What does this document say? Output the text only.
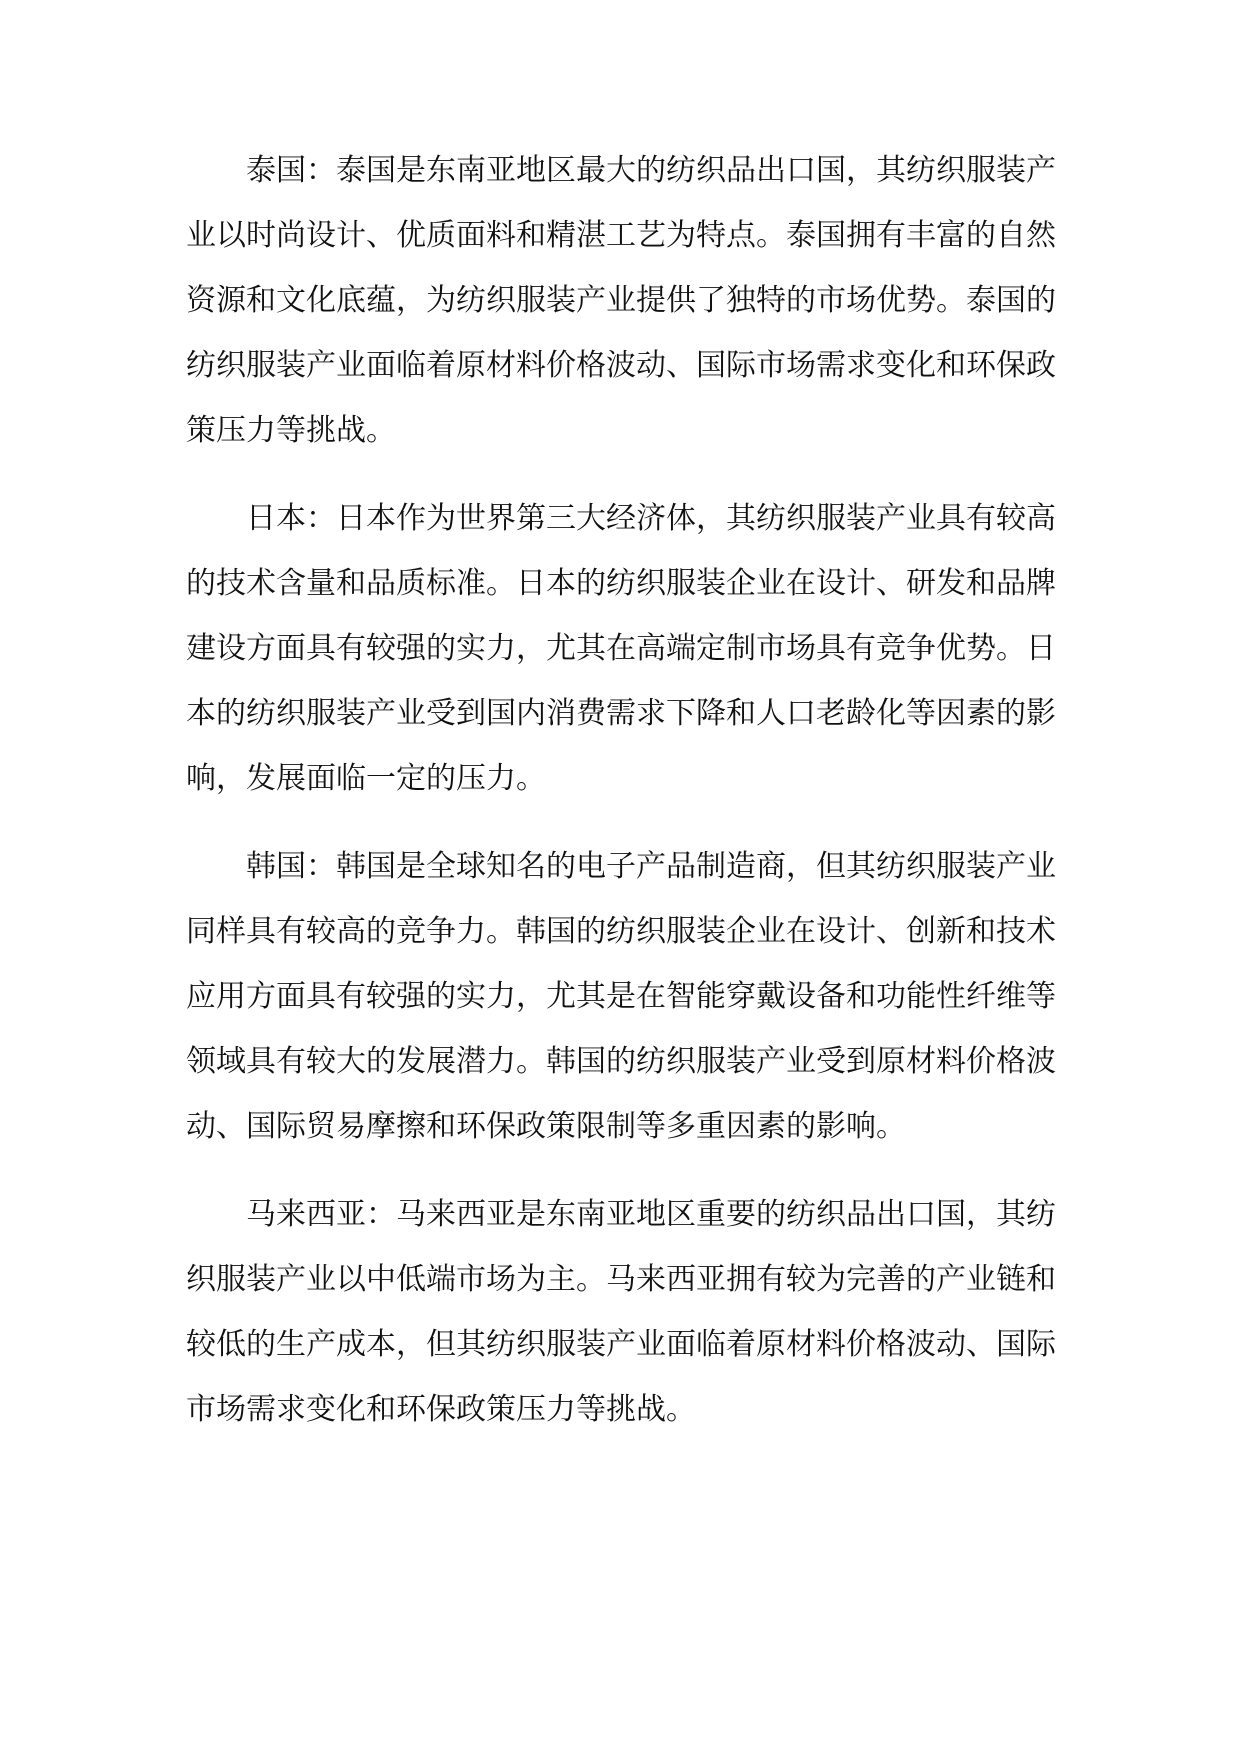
泰国：泰国是东南亚地区最大的纺织品出口国，其纺织服装产业以时尚设计、优质面料和精湛工艺为特点。泰国拥有丰富的自然资源和文化底蕴，为纺织服装产业提供了独特的市场优势。泰国的纺织服装产业面临着原材料价格波动、国际市场需求变化和环保政策压力等挑战。

日本：日本作为世界第三大经济体，其纺织服装产业具有较高的技术含量和品质标准。日本的纺织服装企业在设计、研发和品牌建设方面具有较强的实力，尤其在高端定制市场具有竞争优势。日本的纺织服装产业受到国内消费需求下降和人口老龄化等因素的影响，发展面临一定的压力。

韩国：韩国是全球知名的电子产品制造商，但其纺织服装产业同样具有较高的竞争力。韩国的纺织服装企业在设计、创新和技术应用方面具有较强的实力，尤其是在智能穿戴设备和功能性纤维等领域具有较大的发展潜力。韩国的纺织服装产业受到原材料价格波动、国际贸易摩擦和环保政策限制等多重因素的影响。

马来西亚：马来西亚是东南亚地区重要的纺织品出口国，其纺织服装产业以中低端市场为主。马来西亚拥有较为完善的产业链和较低的生产成本，但其纺织服装产业面临着原材料价格波动、国际市场需求变化和环保政策压力等挑战。
